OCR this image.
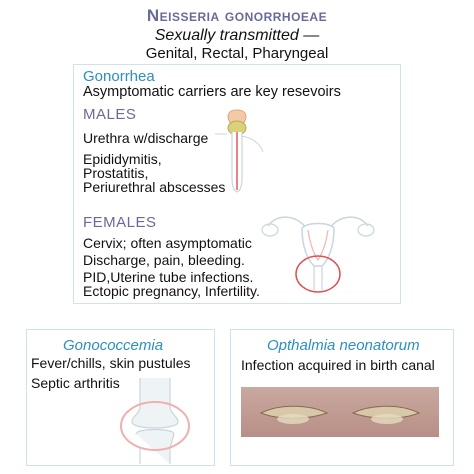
Neisseria gonorrhoeae
Sexually transmitted —
Genital, Rectal, Pharyngeal
Gonorrhea
Asymptomatic carriers are key resevoirs
MALES
Urethra w/discharge
Epididymitis,
Prostatitis,
Periurethral abscesses
FEMALES
Cervix; often asymptomatic
Discharge, pain, bleeding.
PID,Uterine tube infections.
Ectopic pregnancy, Infertility.
Gonococcemia
Fever/chills, skin pustules
Septic arthritis
Opthalmia neonatorum
Infection acquired in birth canal
